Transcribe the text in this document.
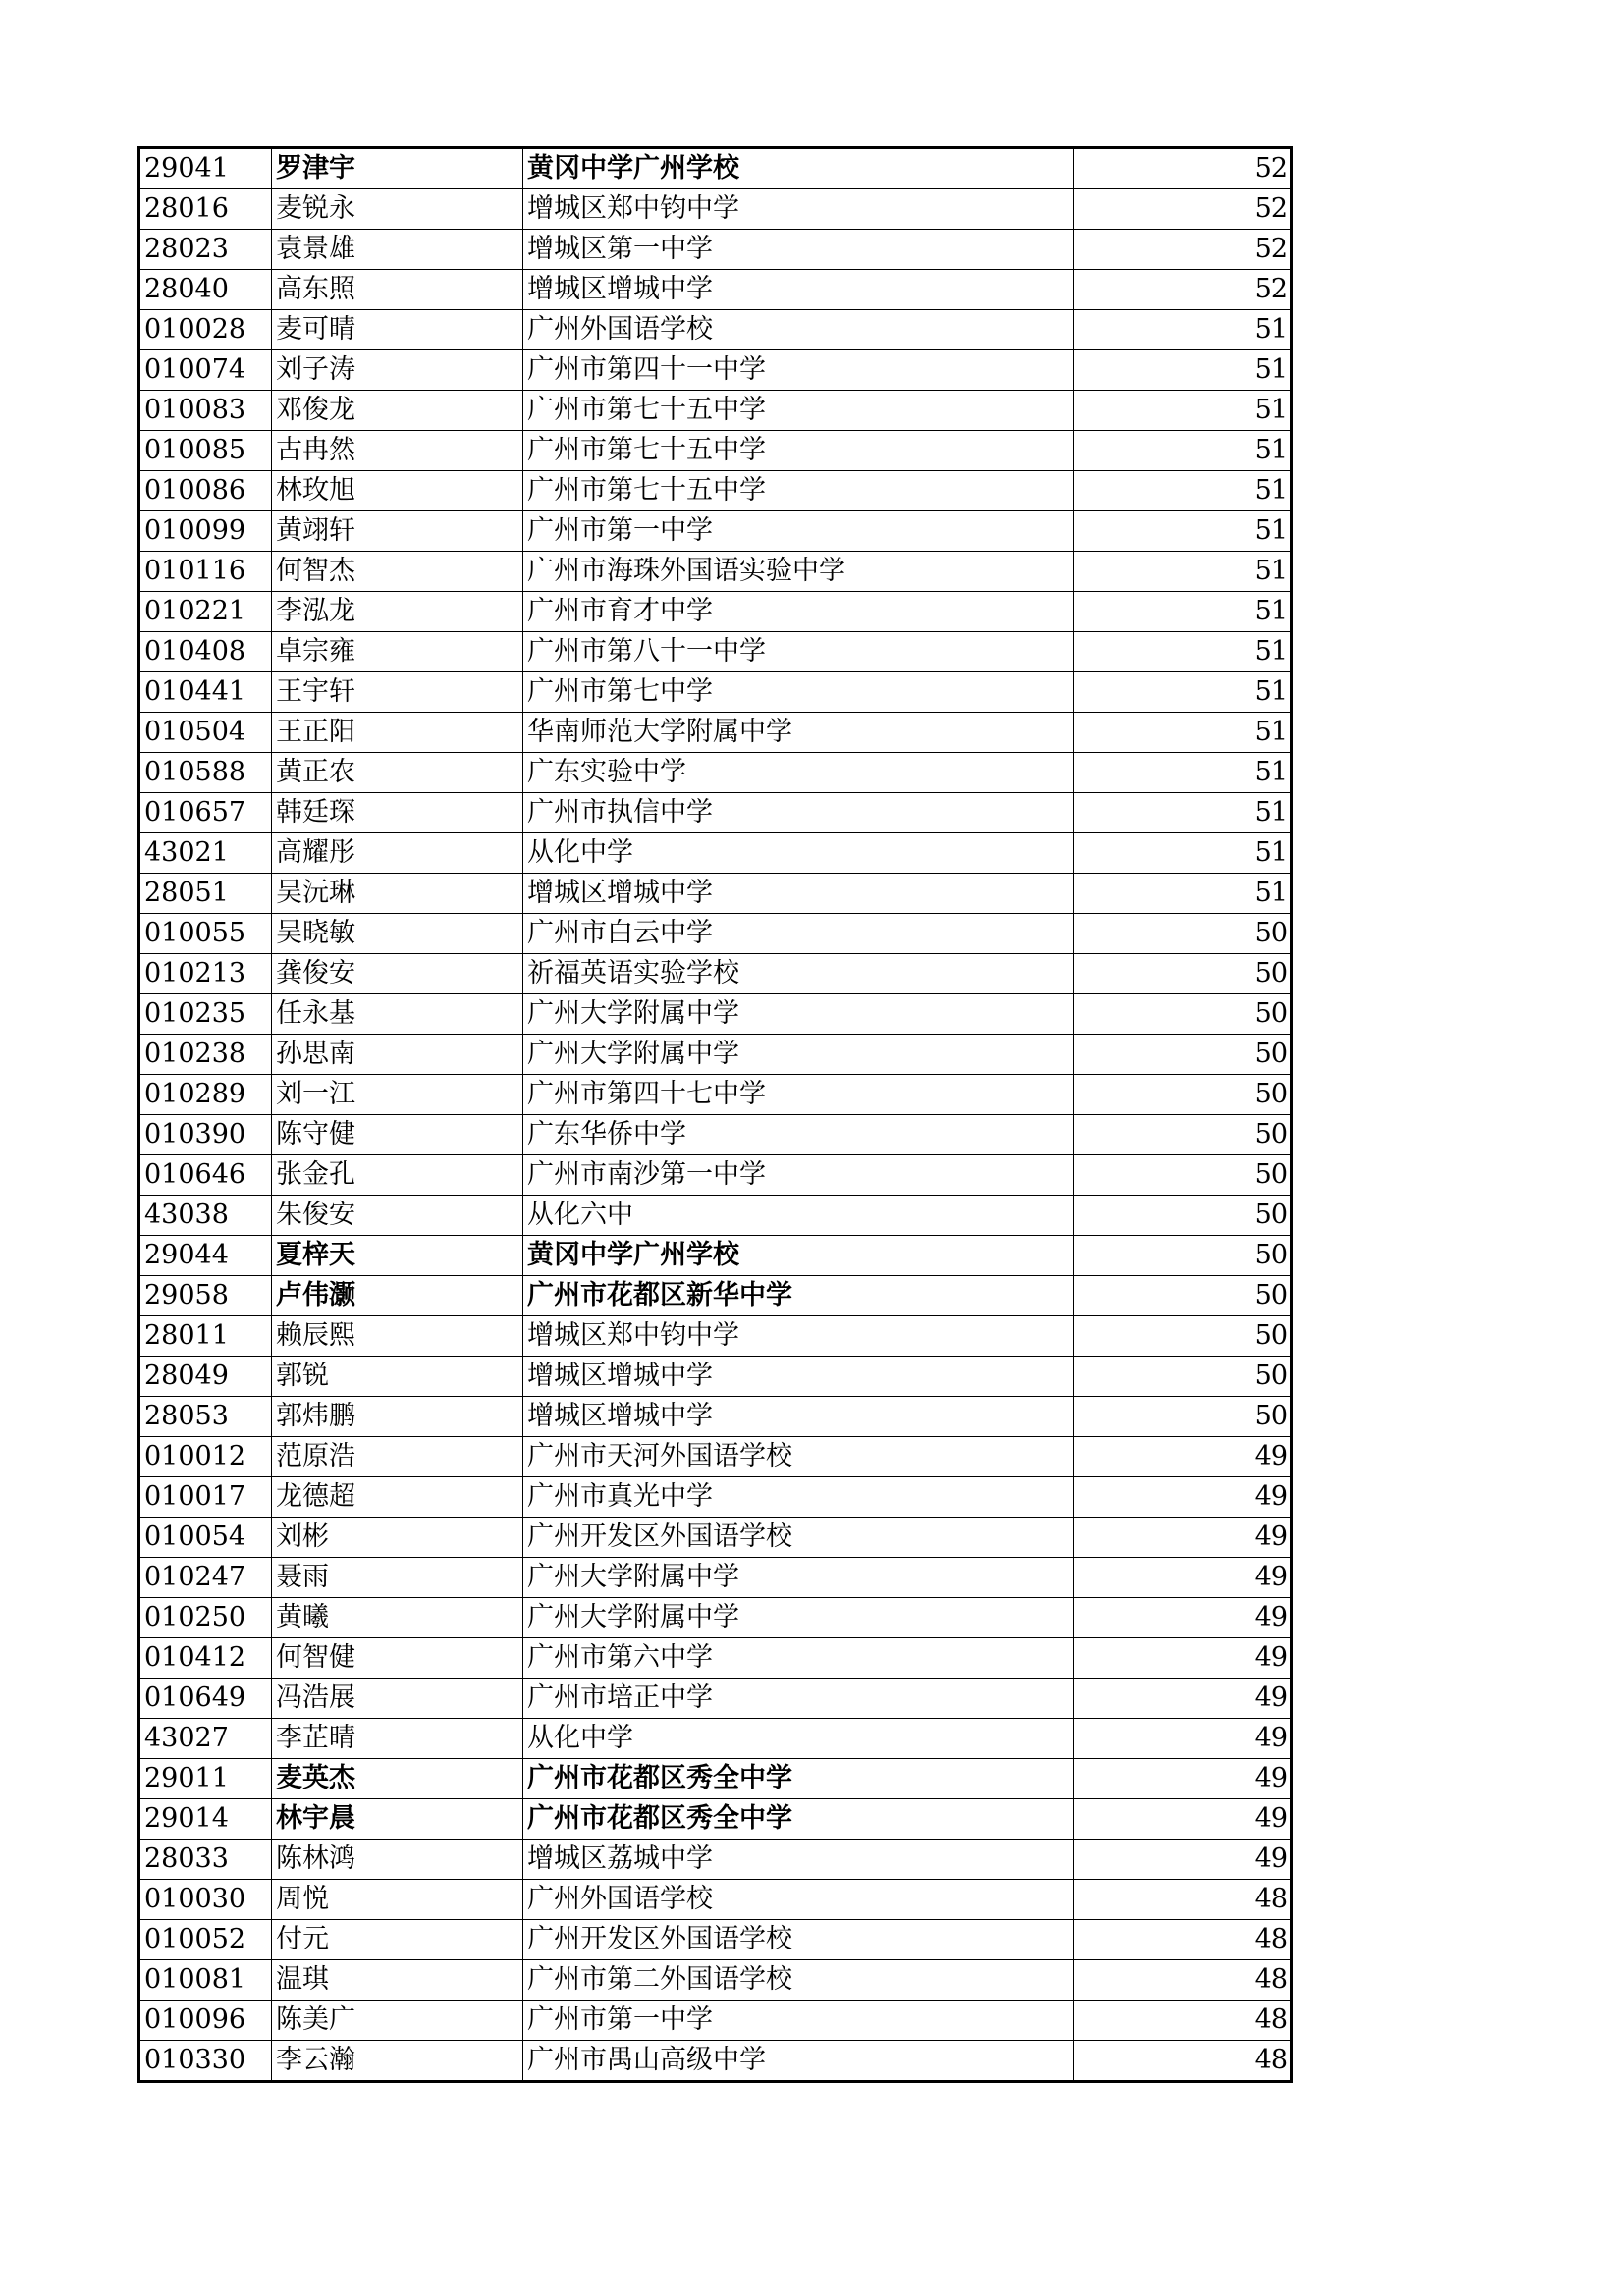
29041	罗津宇	黄冈中学广州学校	52
28016	麦锐永	增城区郑中钧中学	52
28023	袁景雄	增城区第一中学	52
28040	高东照	增城区增城中学	52
010028	麦可晴	广州外国语学校	51
010074	刘子涛	广州市第四十一中学	51
010083	邓俊龙	广州市第七十五中学	51
010085	古冉然	广州市第七十五中学	51
010086	林玫旭	广州市第七十五中学	51
010099	黄翊轩	广州市第一中学	51
010116	何智杰	广州市海珠外国语实验中学	51
010221	李泓龙	广州市育才中学	51
010408	卓宗雍	广州市第八十一中学	51
010441	王宇轩	广州市第七中学	51
010504	王正阳	华南师范大学附属中学	51
010588	黄正农	广东实验中学	51
010657	韩廷琛	广州市执信中学	51
43021	高耀彤	从化中学	51
28051	吴沅琳	增城区增城中学	51
010055	吴晓敏	广州市白云中学	50
010213	龚俊安	祈福英语实验学校	50
010235	任永基	广州大学附属中学	50
010238	孙思南	广州大学附属中学	50
010289	刘一江	广州市第四十七中学	50
010390	陈守健	广东华侨中学	50
010646	张金孔	广州市南沙第一中学	50
43038	朱俊安	从化六中	50
29044	夏梓天	黄冈中学广州学校	50
29058	卢伟灏	广州市花都区新华中学	50
28011	赖辰熙	增城区郑中钧中学	50
28049	郭锐	增城区增城中学	50
28053	郭炜鹏	增城区增城中学	50
010012	范原浩	广州市天河外国语学校	49
010017	龙德超	广州市真光中学	49
010054	刘彬	广州开发区外国语学校	49
010247	聂雨	广州大学附属中学	49
010250	黄曦	广州大学附属中学	49
010412	何智健	广州市第六中学	49
010649	冯浩展	广州市培正中学	49
43027	李芷晴	从化中学	49
29011	麦英杰	广州市花都区秀全中学	49
29014	林宇晨	广州市花都区秀全中学	49
28033	陈林鸿	增城区荔城中学	49
010030	周悦	广州外国语学校	48
010052	付元	广州开发区外国语学校	48
010081	温琪	广州市第二外国语学校	48
010096	陈美广	广州市第一中学	48
010330	李云瀚	广州市禺山高级中学	48
